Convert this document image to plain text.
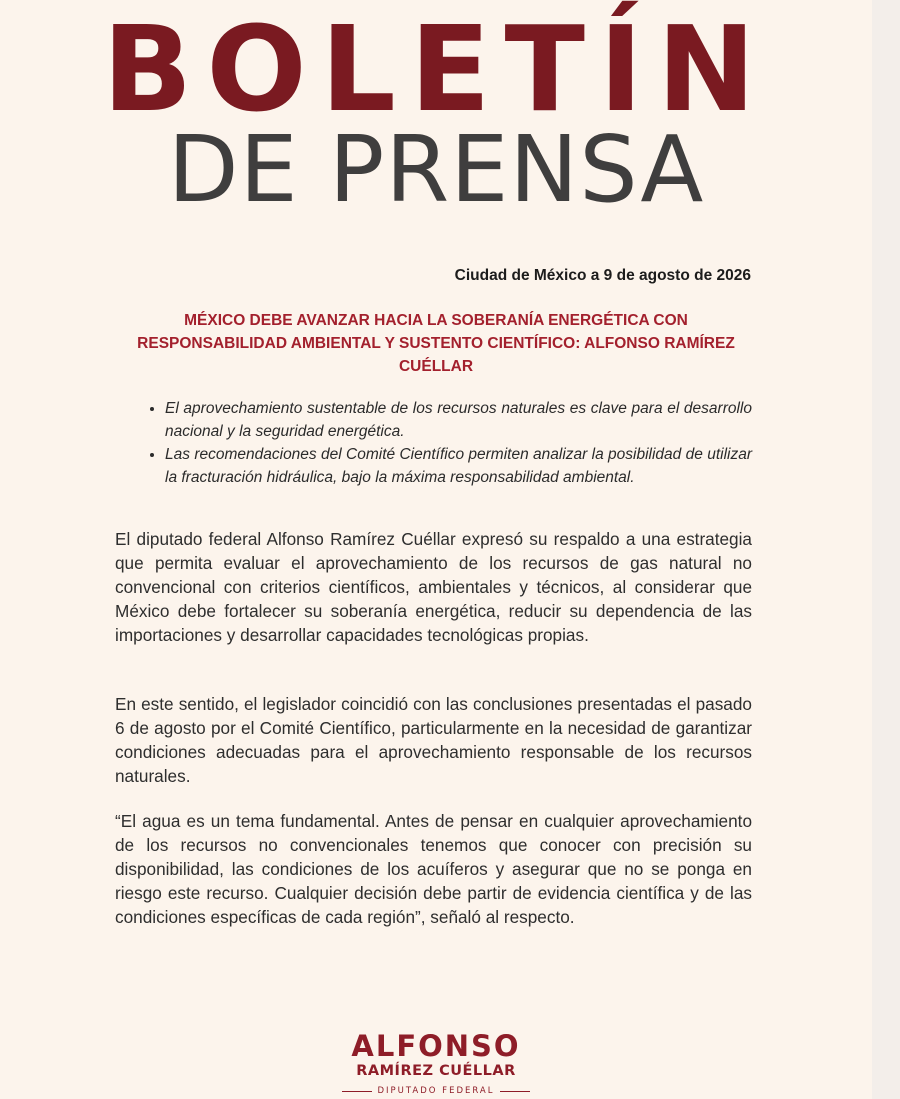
BOLETÍN
DE PRENSA
Ciudad de México a 9 de agosto de 2026
MÉXICO DEBE AVANZAR HACIA LA SOBERANÍA ENERGÉTICA CON RESPONSABILIDAD AMBIENTAL Y SUSTENTO CIENTÍFICO: ALFONSO RAMÍREZ CUÉLLAR
• El aprovechamiento sustentable de los recursos naturales es clave para el desarrollo nacional y la seguridad energética.
• Las recomendaciones del Comité Científico permiten analizar la posibilidad de utilizar la fracturación hidráulica, bajo la máxima responsabilidad ambiental.

El diputado federal Alfonso Ramírez Cuéllar expresó su respaldo a una estrategia que permita evaluar el aprovechamiento de los recursos de gas natural no convencional con criterios científicos, ambientales y técnicos, al considerar que México debe fortalecer su soberanía energética, reducir su dependencia de las importaciones y desarrollar capacidades tecnológicas propias.

En este sentido, el legislador coincidió con las conclusiones presentadas el pasado 6 de agosto por el Comité Científico, particularmente en la necesidad de garantizar condiciones adecuadas para el aprovechamiento responsable de los recursos naturales.

“El agua es un tema fundamental. Antes de pensar en cualquier aprovechamiento de los recursos no convencionales tenemos que conocer con precisión su disponibilidad, las condiciones de los acuíferos y asegurar que no se ponga en riesgo este recurso. Cualquier decisión debe partir de evidencia científica y de las condiciones específicas de cada región”, señaló al respecto.

ALFONSO
RAMÍREZ CUÉLLAR
DIPUTADO FEDERAL
